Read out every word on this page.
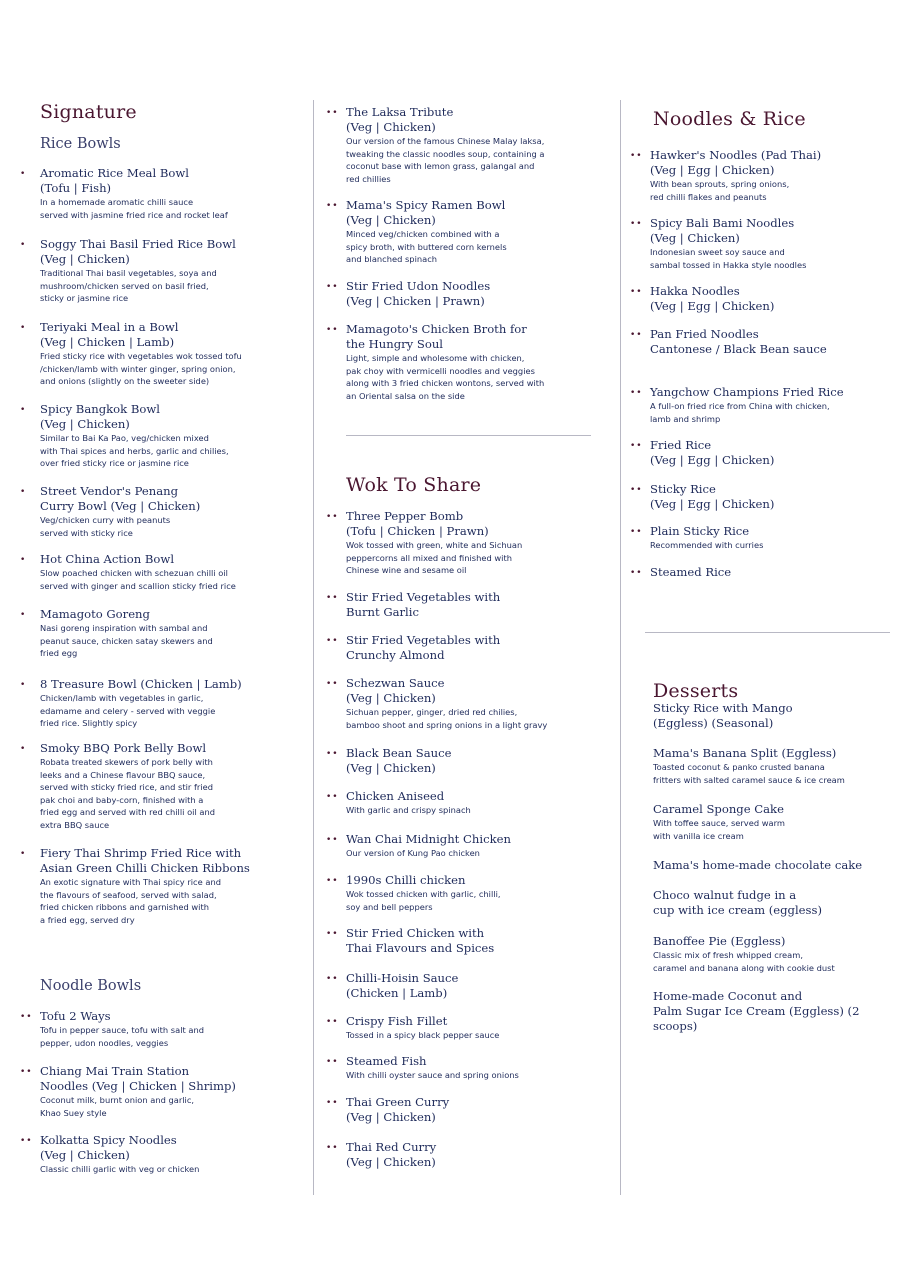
Signature
Rice Bowls
• Aromatic Rice Meal Bowl
(Tofu | Fish)
In a homemade aromatic chilli sauce
served with jasmine fried rice and rocket leaf
• Soggy Thai Basil Fried Rice Bowl
(Veg | Chicken)
Traditional Thai basil vegetables, soya and
mushroom/chicken served on basil fried,
sticky or jasmine rice
• Teriyaki Meal in a Bowl
(Veg | Chicken | Lamb)
Fried sticky rice with vegetables wok tossed tofu
/chicken/lamb with winter ginger, spring onion,
and onions (slightly on the sweeter side)
• Spicy Bangkok Bowl
(Veg | Chicken)
Similar to Bai Ka Pao, veg/chicken mixed
with Thai spices and herbs, garlic and chilies,
over fried sticky rice or jasmine rice
• Street Vendor's Penang
Curry Bowl (Veg | Chicken)
Veg/chicken curry with peanuts
served with sticky rice
• Hot China Action Bowl
Slow poached chicken with schezuan chilli oil
served with ginger and scallion sticky fried rice
• Mamagoto Goreng
Nasi goreng inspiration with sambal and
peanut sauce, chicken satay skewers and
fried egg
• 8 Treasure Bowl (Chicken | Lamb)
Chicken/lamb with vegetables in garlic,
edamame and celery - served with veggie
fried rice. Slightly spicy
• Smoky BBQ Pork Belly Bowl
Robata treated skewers of pork belly with
leeks and a Chinese flavour BBQ sauce,
served with sticky fried rice, and stir fried
pak choi and baby-corn, finished with a
fried egg and served with red chilli oil and
extra BBQ sauce
• Fiery Thai Shrimp Fried Rice with
Asian Green Chilli Chicken Ribbons
An exotic signature with Thai spicy rice and
the flavours of seafood, served with salad,
fried chicken ribbons and garnished with
a fried egg, served dry
Noodle Bowls
•• Tofu 2 Ways
Tofu in pepper sauce, tofu with salt and
pepper, udon noodles, veggies
•• Chiang Mai Train Station
Noodles (Veg | Chicken | Shrimp)
Coconut milk, burnt onion and garlic,
Khao Suey style
•• Kolkatta Spicy Noodles
(Veg | Chicken)
Classic chilli garlic with veg or chicken
•• The Laksa Tribute
(Veg | Chicken)
Our version of the famous Chinese Malay laksa,
tweaking the classic noodles soup, containing a
coconut base with lemon grass, galangal and
red chillies
•• Mama's Spicy Ramen Bowl
(Veg | Chicken)
Minced veg/chicken combined with a
spicy broth, with buttered corn kernels
and blanched spinach
•• Stir Fried Udon Noodles
(Veg | Chicken | Prawn)
•• Mamagoto's Chicken Broth for
the Hungry Soul
Light, simple and wholesome with chicken,
pak choy with vermicelli noodles and veggies
along with 3 fried chicken wontons, served with
an Oriental salsa on the side
Wok To Share
•• Three Pepper Bomb
(Tofu | Chicken | Prawn)
Wok tossed with green, white and Sichuan
peppercorns all mixed and finished with
Chinese wine and sesame oil
•• Stir Fried Vegetables with
Burnt Garlic
•• Stir Fried Vegetables with
Crunchy Almond
•• Schezwan Sauce
(Veg | Chicken)
Sichuan pepper, ginger, dried red chilies,
bamboo shoot and spring onions in a light gravy
•• Black Bean Sauce
(Veg | Chicken)
•• Chicken Aniseed
With garlic and crispy spinach
•• Wan Chai Midnight Chicken
Our version of Kung Pao chicken
•• 1990s Chilli chicken
Wok tossed chicken with garlic, chilli,
soy and bell peppers
•• Stir Fried Chicken with
Thai Flavours and Spices
•• Chilli-Hoisin Sauce
(Chicken | Lamb)
•• Crispy Fish Fillet
Tossed in a spicy black pepper sauce
•• Steamed Fish
With chilli oyster sauce and spring onions
•• Thai Green Curry
(Veg | Chicken)
•• Thai Red Curry
(Veg | Chicken)
Noodles & Rice
•• Hawker's Noodles (Pad Thai)
(Veg | Egg | Chicken)
With bean sprouts, spring onions,
red chilli flakes and peanuts
•• Spicy Bali Bami Noodles
(Veg | Chicken)
Indonesian sweet soy sauce and
sambal tossed in Hakka style noodles
•• Hakka Noodles
(Veg | Egg | Chicken)
•• Pan Fried Noodles
Cantonese / Black Bean sauce
•• Yangchow Champions Fried Rice
A full-on fried rice from China with chicken,
lamb and shrimp
•• Fried Rice
(Veg | Egg | Chicken)
•• Sticky Rice
(Veg | Egg | Chicken)
•• Plain Sticky Rice
Recommended with curries
•• Steamed Rice
Desserts
Sticky Rice with Mango
(Eggless) (Seasonal)
Mama's Banana Split (Eggless)
Toasted coconut & panko crusted banana
fritters with salted caramel sauce & ice cream
Caramel Sponge Cake
With toffee sauce, served warm
with vanilla ice cream
Mama's home-made chocolate cake
Choco walnut fudge in a
cup with ice cream (eggless)
Banoffee Pie (Eggless)
Classic mix of fresh whipped cream,
caramel and banana along with cookie dust
Home-made Coconut and
Palm Sugar Ice Cream (Eggless) (2 scoops)
